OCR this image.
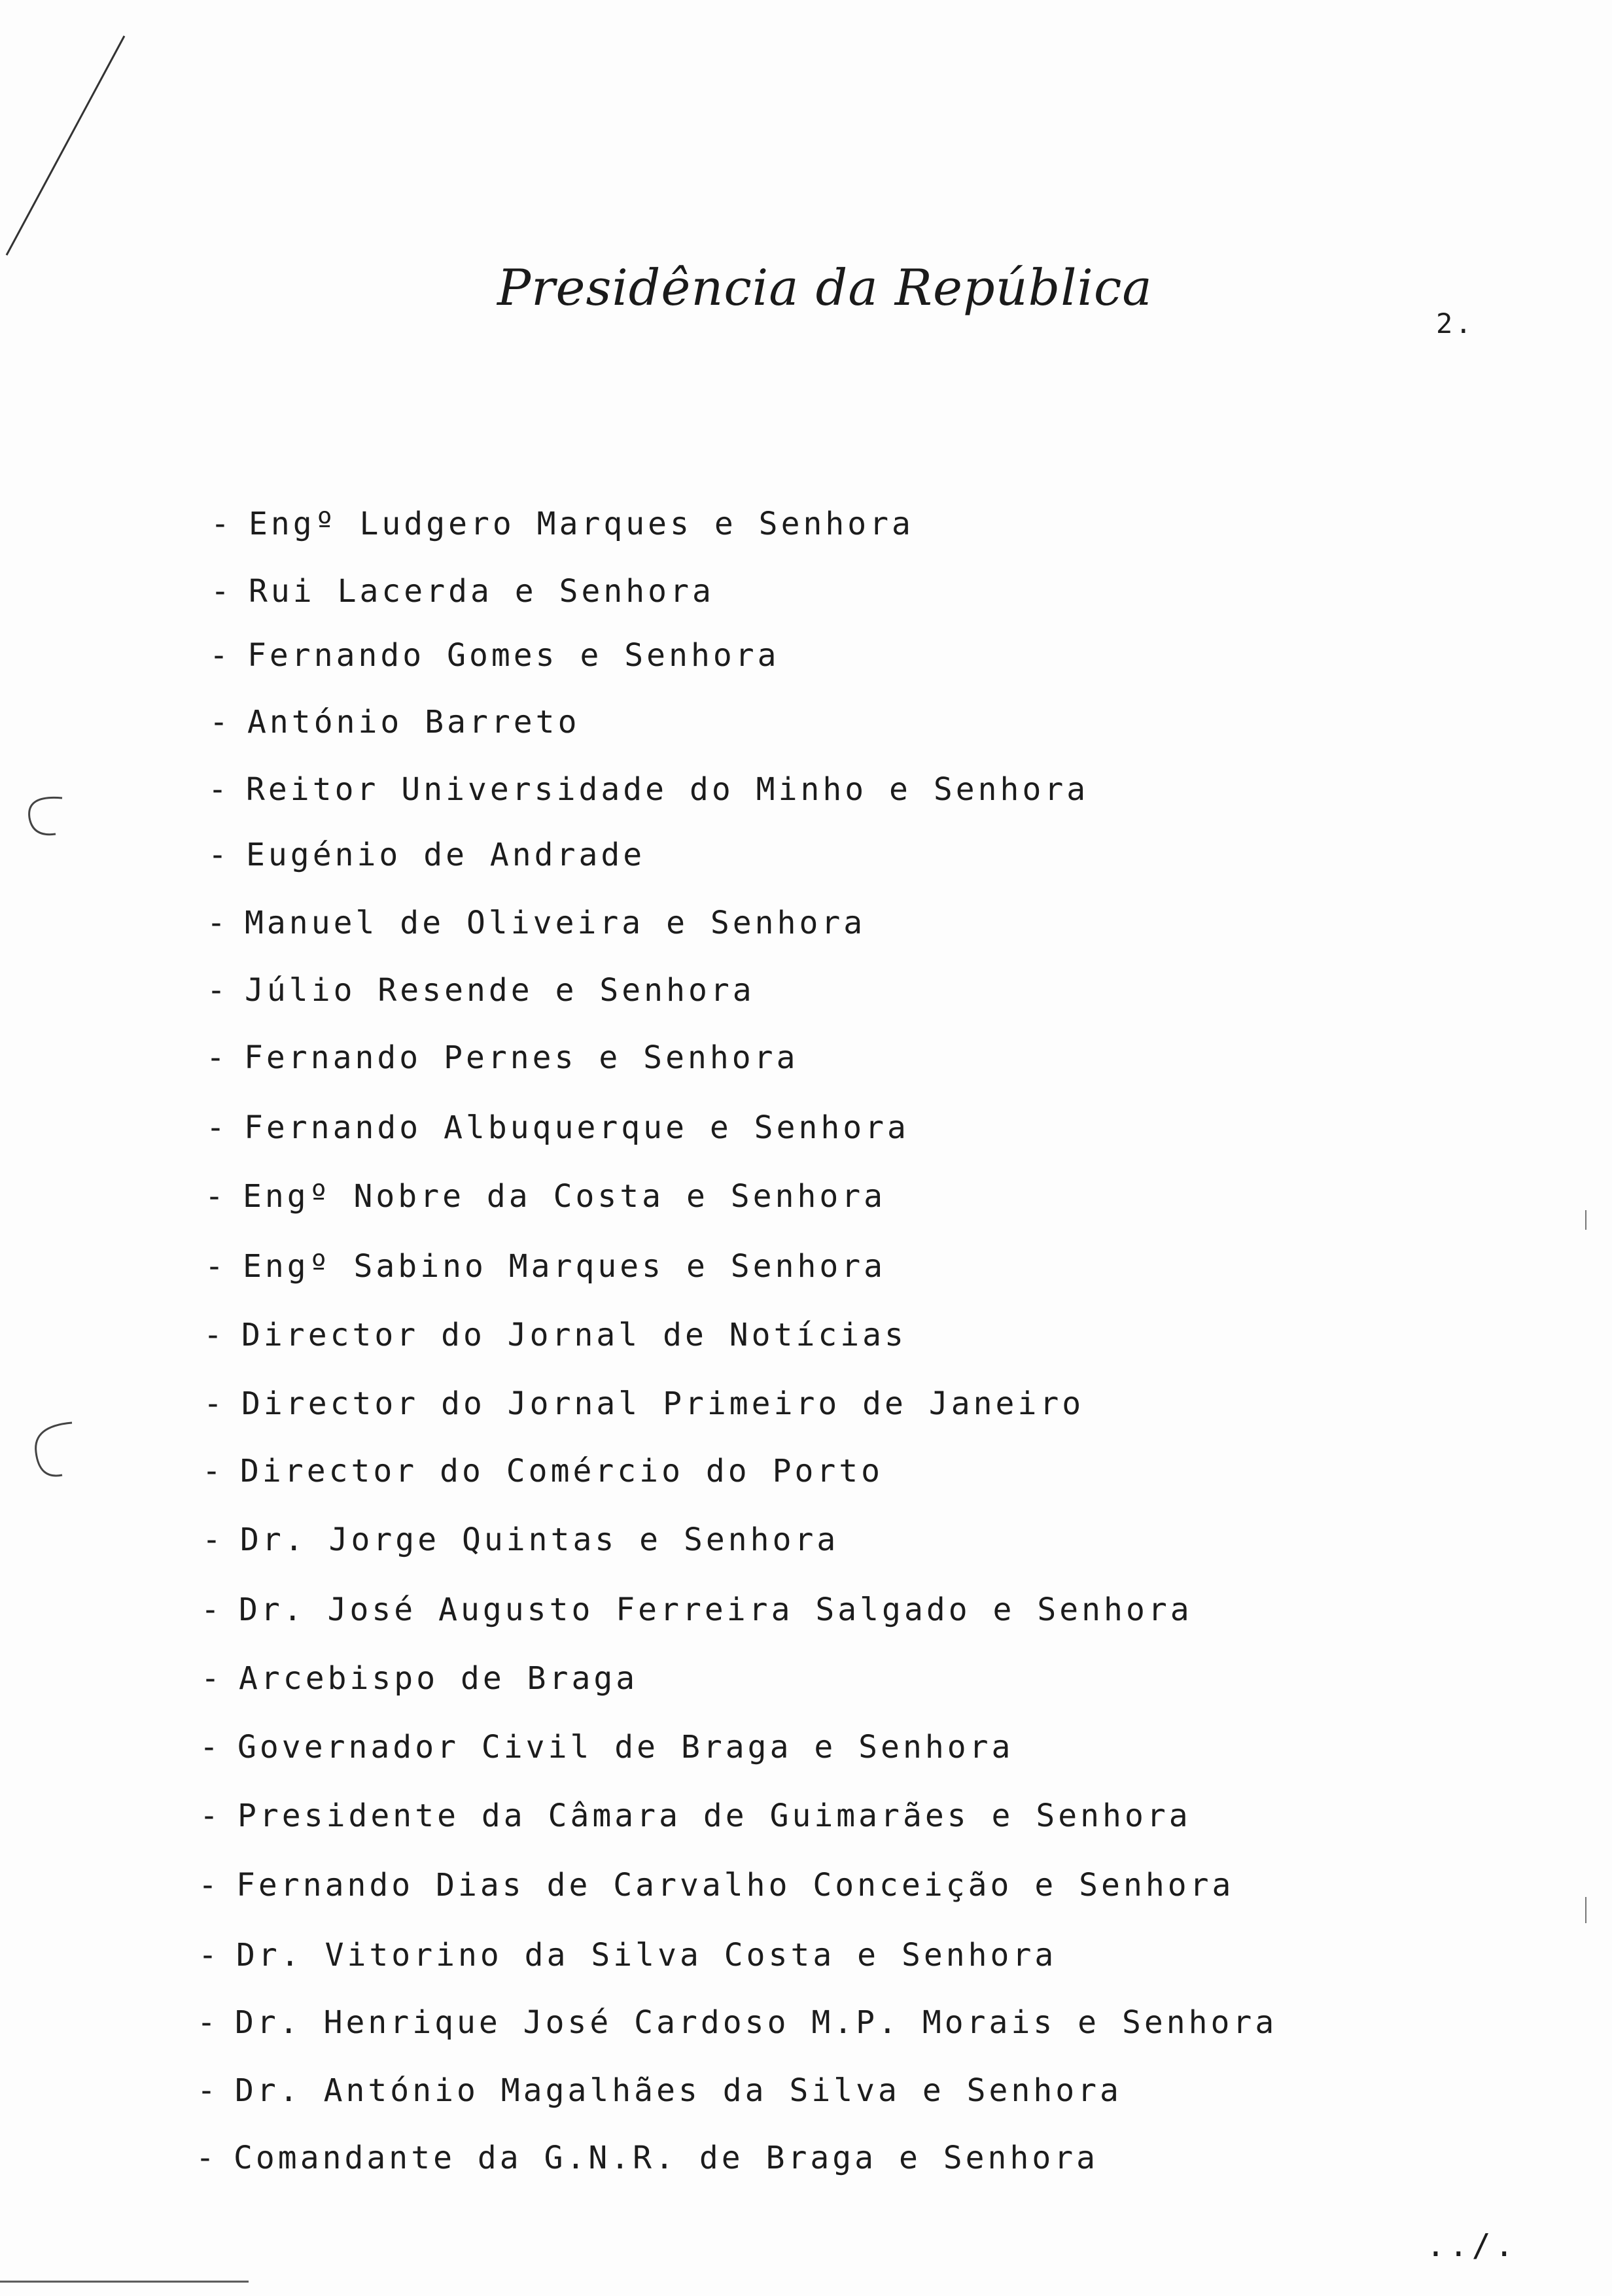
Presidência da República
2.
- Engº Ludgero Marques e Senhora
- Rui Lacerda e Senhora
- Fernando Gomes e Senhora
- António Barreto
- Reitor Universidade do Minho e Senhora
- Eugénio de Andrade
- Manuel de Oliveira e Senhora
- Júlio Resende e Senhora
- Fernando Pernes e Senhora
- Fernando Albuquerque e Senhora
- Engº Nobre da Costa e Senhora
- Engº Sabino Marques e Senhora
- Director do Jornal de Notícias
- Director do Jornal Primeiro de Janeiro
- Director do Comércio do Porto
- Dr. Jorge Quintas e Senhora
- Dr. José Augusto Ferreira Salgado e Senhora
- Arcebispo de Braga
- Governador Civil de Braga e Senhora
- Presidente da Câmara de Guimarães e Senhora
- Fernando Dias de Carvalho Conceição e Senhora
- Dr. Vitorino da Silva Costa e Senhora
- Dr. Henrique José Cardoso M.P. Morais e Senhora
- Dr. António Magalhães da Silva e Senhora
- Comandante da G.N.R. de Braga e Senhora
../.
